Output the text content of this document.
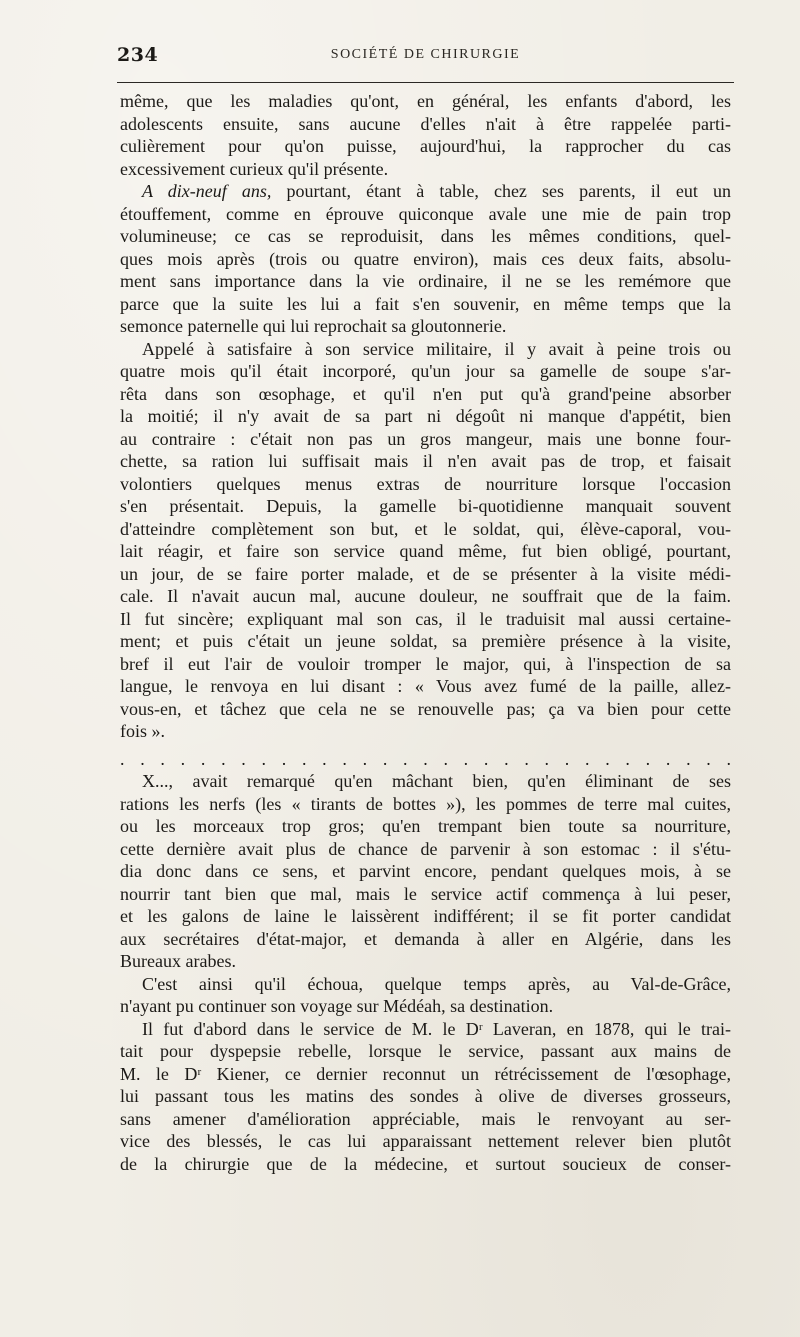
234	SOCIÉTÉ DE CHIRURGIE
même, que les maladies qu'ont, en général, les enfants d'abord, les
adolescents ensuite, sans aucune d'elles n'ait à être rappelée parti-
culièrement pour qu'on puisse, aujourd'hui, la rapprocher du cas
excessivement curieux qu'il présente.
A dix-neuf ans, pourtant, étant à table, chez ses parents, il eut un
étouffement, comme en éprouve quiconque avale une mie de pain trop
volumineuse; ce cas se reproduisit, dans les mêmes conditions, quel-
ques mois après (trois ou quatre environ), mais ces deux faits, absolu-
ment sans importance dans la vie ordinaire, il ne se les remémore que
parce que la suite les lui a fait s'en souvenir, en même temps que la
semonce paternelle qui lui reprochait sa gloutonnerie.
Appelé à satisfaire à son service militaire, il y avait à peine trois ou
quatre mois qu'il était incorporé, qu'un jour sa gamelle de soupe s'ar-
rêta dans son œsophage, et qu'il n'en put qu'à grand'peine absorber
la moitié; il n'y avait de sa part ni dégoût ni manque d'appétit, bien
au contraire : c'était non pas un gros mangeur, mais une bonne four-
chette, sa ration lui suffisait mais il n'en avait pas de trop, et faisait
volontiers quelques menus extras de nourriture lorsque l'occasion
s'en présentait. Depuis, la gamelle bi-quotidienne manquait souvent
d'atteindre complètement son but, et le soldat, qui, élève-caporal, vou-
lait réagir, et faire son service quand même, fut bien obligé, pourtant,
un jour, de se faire porter malade, et de se présenter à la visite médi-
cale. Il n'avait aucun mal, aucune douleur, ne souffrait que de la faim.
Il fut sincère; expliquant mal son cas, il le traduisit mal aussi certaine-
ment; et puis c'était un jeune soldat, sa première présence à la visite,
bref il eut l'air de vouloir tromper le major, qui, à l'inspection de sa
langue, le renvoya en lui disant : « Vous avez fumé de la paille, allez-
vous-en, et tâchez que cela ne se renouvelle pas; ça va bien pour cette
fois ».
. . . . . . . . . . . . . . . . . . . . . . . . . . . . . . .
X..., avait remarqué qu'en mâchant bien, qu'en éliminant de ses
rations les nerfs (les « tirants de bottes »), les pommes de terre mal cuites,
ou les morceaux trop gros; qu'en trempant bien toute sa nourriture,
cette dernière avait plus de chance de parvenir à son estomac : il s'étu-
dia donc dans ce sens, et parvint encore, pendant quelques mois, à se
nourrir tant bien que mal, mais le service actif commença à lui peser,
et les galons de laine le laissèrent indifférent; il se fit porter candidat
aux secrétaires d'état-major, et demanda à aller en Algérie, dans les
Bureaux arabes.
C'est ainsi qu'il échoua, quelque temps après, au Val-de-Grâce,
n'ayant pu continuer son voyage sur Médéah, sa destination.
Il fut d'abord dans le service de M. le Dʳ Laveran, en 1878, qui le trai-
tait pour dyspepsie rebelle, lorsque le service, passant aux mains de
M. le Dʳ Kiener, ce dernier reconnut un rétrécissement de l'œsophage,
lui passant tous les matins des sondes à olive de diverses grosseurs,
sans amener d'amélioration appréciable, mais le renvoyant au ser-
vice des blessés, le cas lui apparaissant nettement relever bien plutôt
de la chirurgie que de la médecine, et surtout soucieux de conser-
